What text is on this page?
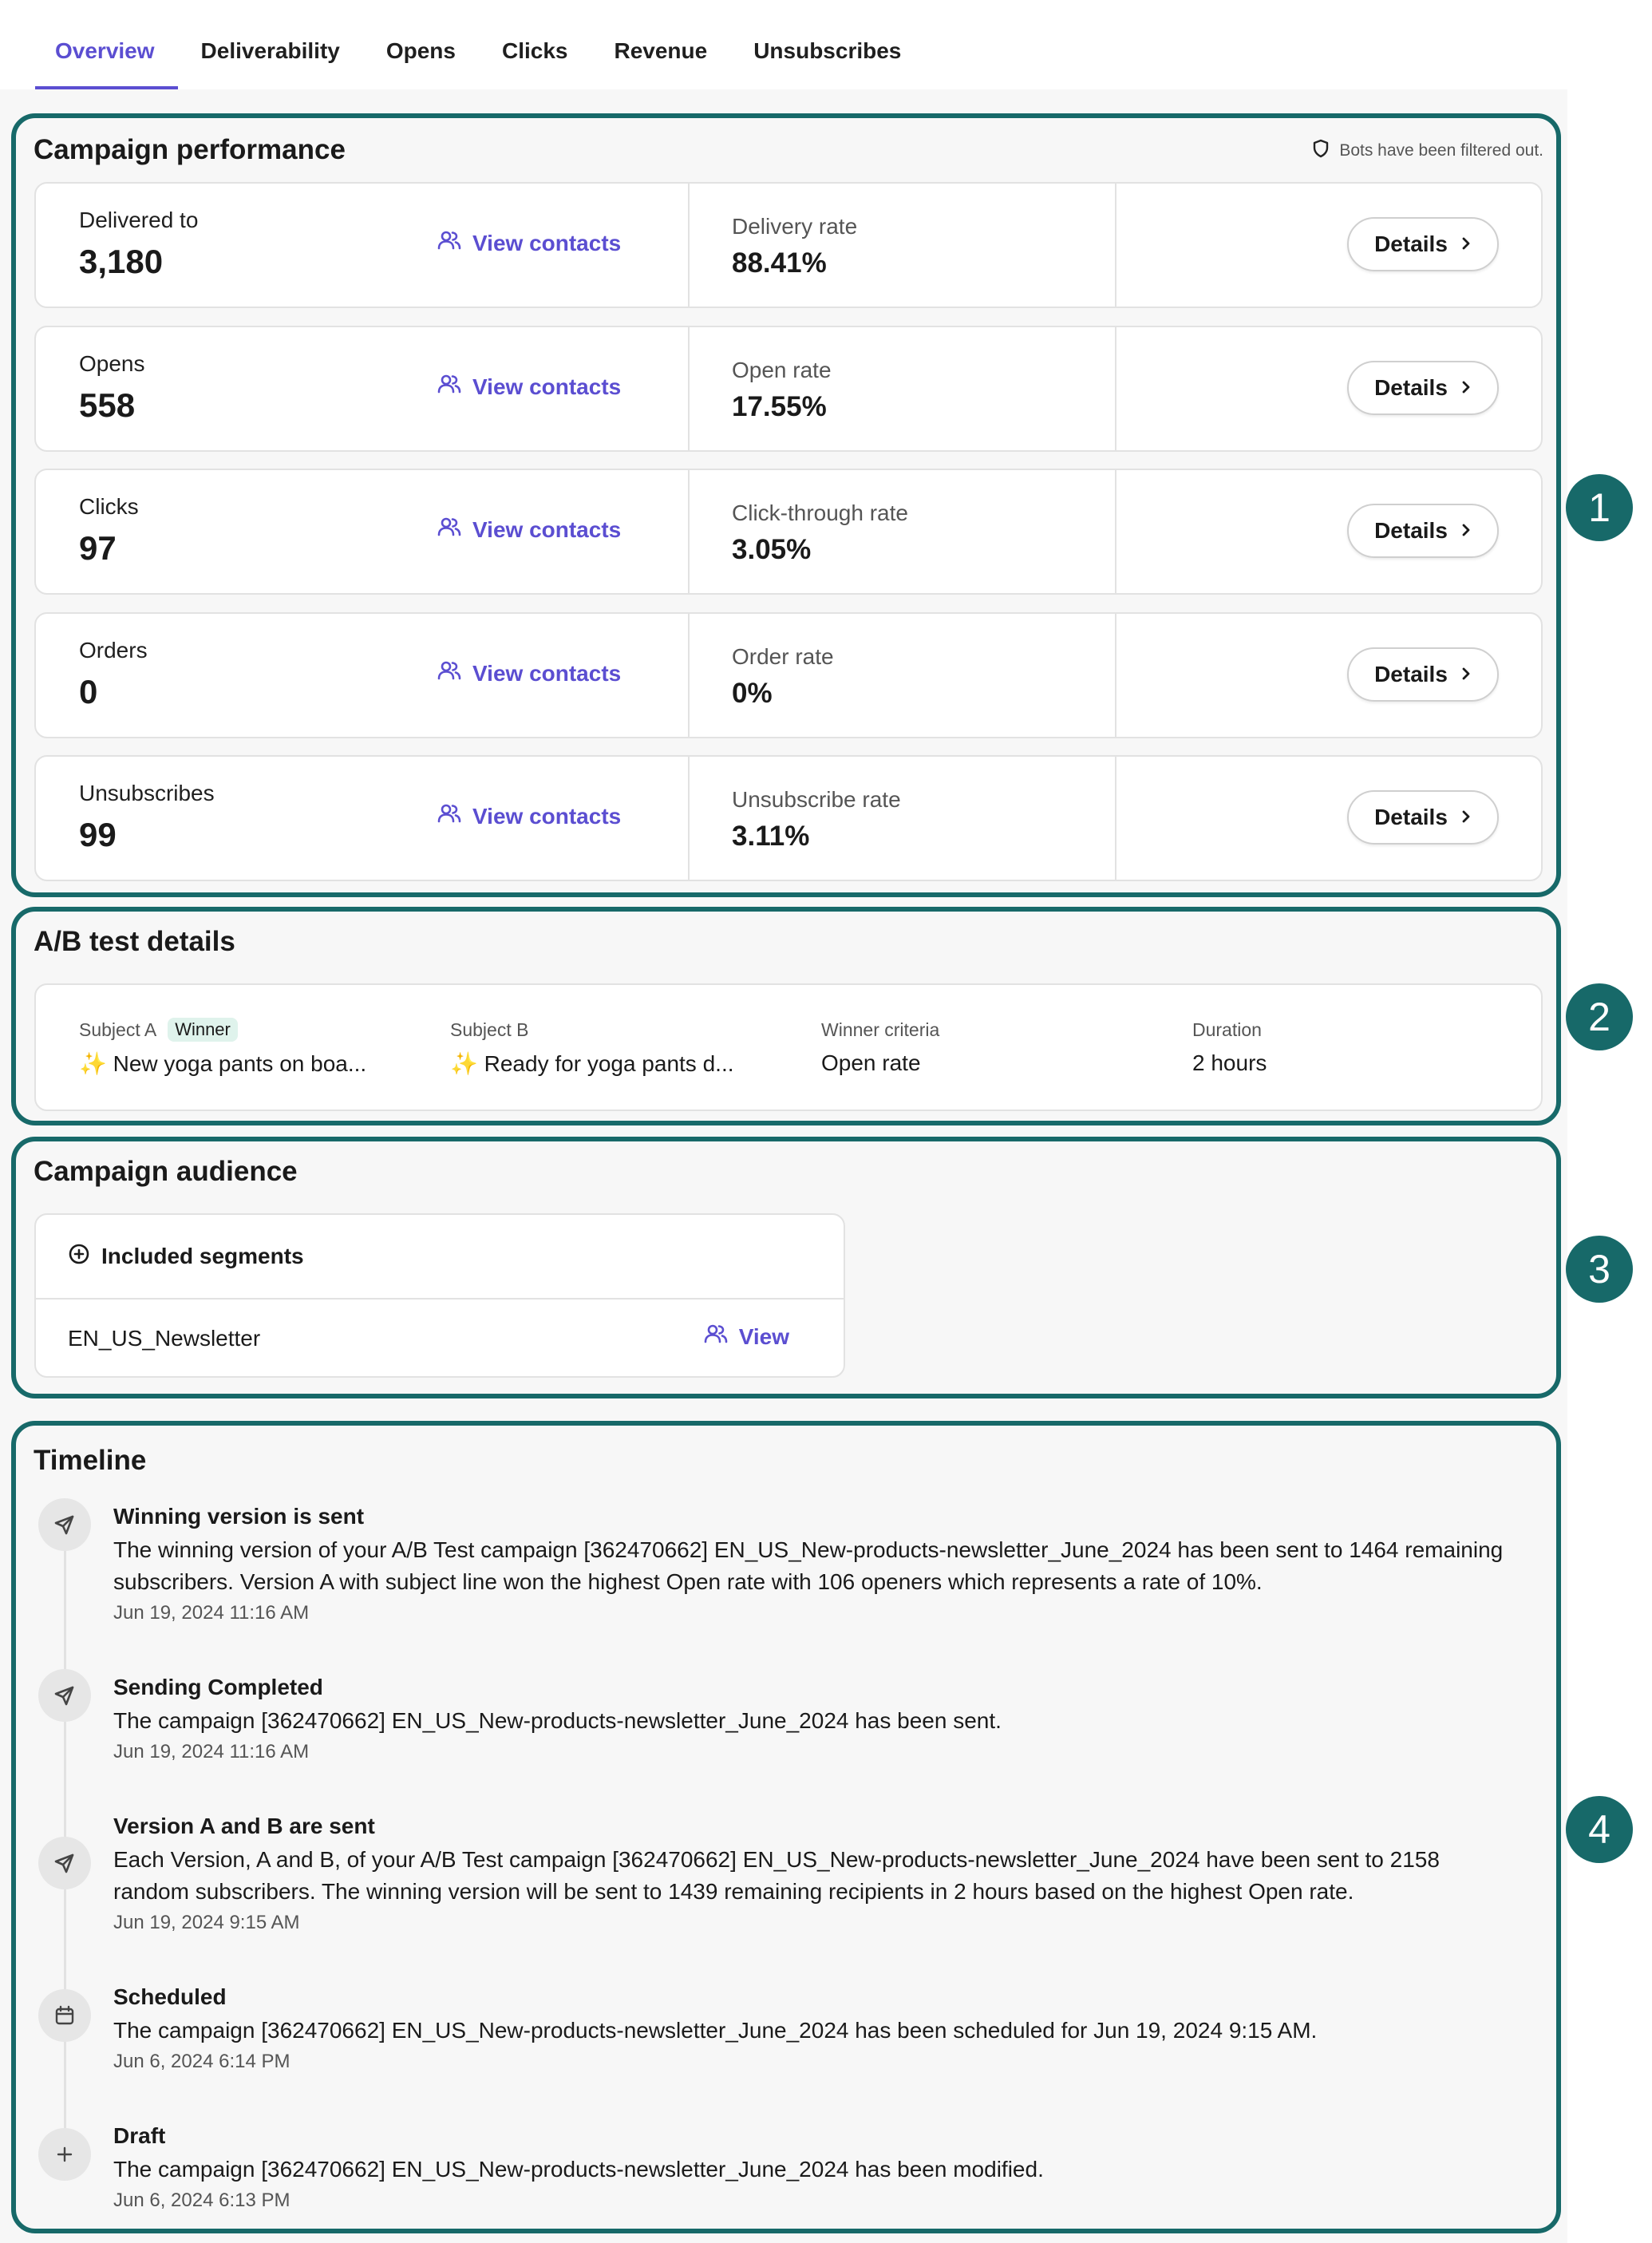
Overview	Deliverability	Opens	Clicks	Revenue	Unsubscribes
1
Campaign performance	Bots have been filtered out.
Delivered to
3,180	View contacts
Delivery rate
88.41%
Details
Opens
558	View contacts
Open rate
17.55%
Details
Clicks
97	View contacts
Click-through rate
3.05%
Details
Orders
0	View contacts
Order rate
0%
Details
Unsubscribes
99	View contacts
Unsubscribe rate
3.11%
Details
2
A/B test details
Subject A	Winner
✨ New yoga pants on boa...
Subject B
✨ Ready for yoga pants d...
Winner criteria
Open rate
Duration
2 hours
3
Campaign audience
Included segments
EN_US_Newsletter	View
4
Timeline
Winning version is sent
The winning version of your A/B Test campaign [362470662] EN_US_New-products-newsletter_June_2024 has been sent to 1464 remaining subscribers. Version A with subject line won the highest Open rate with 106 openers which represents a rate of 10%.
Jun 19, 2024 11:16 AM
Sending Completed
The campaign [362470662] EN_US_New-products-newsletter_June_2024 has been sent.
Jun 19, 2024 11:16 AM
Version A and B are sent
Each Version, A and B, of your A/B Test campaign [362470662] EN_US_New-products-newsletter_June_2024 have been sent to 2158 random subscribers. The winning version will be sent to 1439 remaining recipients in 2 hours based on the highest Open rate.
Jun 19, 2024 9:15 AM
Scheduled
The campaign [362470662] EN_US_New-products-newsletter_June_2024 has been scheduled for Jun 19, 2024 9:15 AM.
Jun 6, 2024 6:14 PM
Draft
The campaign [362470662] EN_US_New-products-newsletter_June_2024 has been modified.
Jun 6, 2024 6:13 PM
